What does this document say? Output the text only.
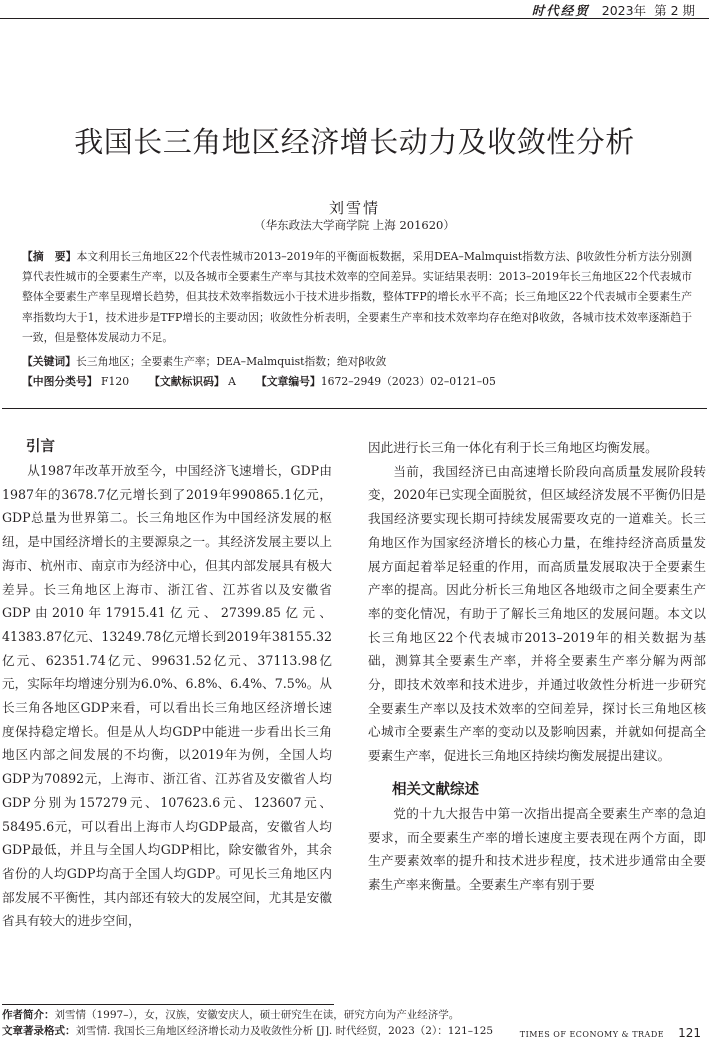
时代经贸 2023年 第 2 期
我国长三角地区经济增长动力及收敛性分析
刘雪情
（华东政法大学商学院 上海 201620）

【摘　要】本文利用长三角地区22个代表性城市2013–2019年的平衡面板数据，采用DEA–Malmquist指数方法、β收敛性分析方法分别测算代表性城市的全要素生产率，以及各城市全要素生产率与其技术效率的空间差异。实证结果表明：2013–2019年长三角地区22个代表城市整体全要素生产率呈现增长趋势，但其技术效率指数远小于技术进步指数，整体TFP的增长水平不高；长三角地区22个代表城市全要素生产率指数均大于1，技术进步是TFP增长的主要动因；收敛性分析表明，全要素生产率和技术效率均存在绝对β收敛，各城市技术效率逐渐趋于一致，但是整体发展动力不足。

【关键词】长三角地区；全要素生产率；DEA–Malmquist指数；绝对β收敛

【中图分类号】 F120 【文献标识码】 A 【文章编号】1672–2949（2023）02–0121–05

引言

从1987年改革开放至今，中国经济飞速增长，GDP由1987年的3678.7亿元增长到了2019年990865.1亿元，GDP总量为世界第二。长三角地区作为中国经济发展的枢纽，是中国经济增长的主要源泉之一。其经济发展主要以上海市、杭州市、南京市为经济中心，但其内部发展具有极大差异。长三角地区上海市、浙江省、江苏省以及安徽省GDP由2010年17915.41亿元、27399.85亿元、41383.87亿元、13249.78亿元增长到2019年38155.32亿元、62351.74亿元、99631.52亿元、37113.98亿元，实际年均增速分别为6.0%、6.8%、6.4%、7.5%。从长三角各地区GDP来看，可以看出长三角地区经济增长速度保持稳定增长。但是从人均GDP中能进一步看出长三角地区内部之间发展的不均衡，以2019年为例，全国人均GDP为70892元，上海市、浙江省、江苏省及安徽省人均GDP分别为157279元、107623.6元、123607元、58495.6元，可以看出上海市人均GDP最高，安徽省人均GDP最低，并且与全国人均GDP相比，除安徽省外，其余省份的人均GDP均高于全国人均GDP。可见长三角地区内部发展不平衡性，其内部还有较大的发展空间，尤其是安徽省具有较大的进步空间，

因此进行长三角一体化有利于长三角地区均衡发展。

当前，我国经济已由高速增长阶段向高质量发展阶段转变，2020年已实现全面脱贫，但区域经济发展不平衡仍旧是我国经济要实现长期可持续发展需要攻克的一道难关。长三角地区作为国家经济增长的核心力量，在维持经济高质量发展方面起着举足轻重的作用，而高质量发展取决于全要素生产率的提高。因此分析长三角地区各地级市之间全要素生产率的变化情况，有助于了解长三角地区的发展问题。本文以长三角地区22个代表城市2013–2019年的相关数据为基础，测算其全要素生产率，并将全要素生产率分解为两部分，即技术效率和技术进步，并通过收敛性分析进一步研究全要素生产率以及技术效率的空间差异，探讨长三角地区核心城市全要素生产率的变动以及影响因素，并就如何提高全要素生产率，促进长三角地区持续均衡发展提出建议。

相关文献综述

党的十九大报告中第一次指出提高全要素生产率的急迫要求，而全要素生产率的增长速度主要表现在两个方面，即生产要素效率的提升和技术进步程度，技术进步通常由全要素生产率来衡量。全要素生产率有别于要

作者简介：刘雪情（1997–），女，汉族，安徽安庆人，硕士研究生在读，研究方向为产业经济学。

文章著录格式：刘雪情. 我国长三角地区经济增长动力及收敛性分析 [J]. 时代经贸，2023（2）：121–125	TIMES OF ECONOMY & TRADE 121
